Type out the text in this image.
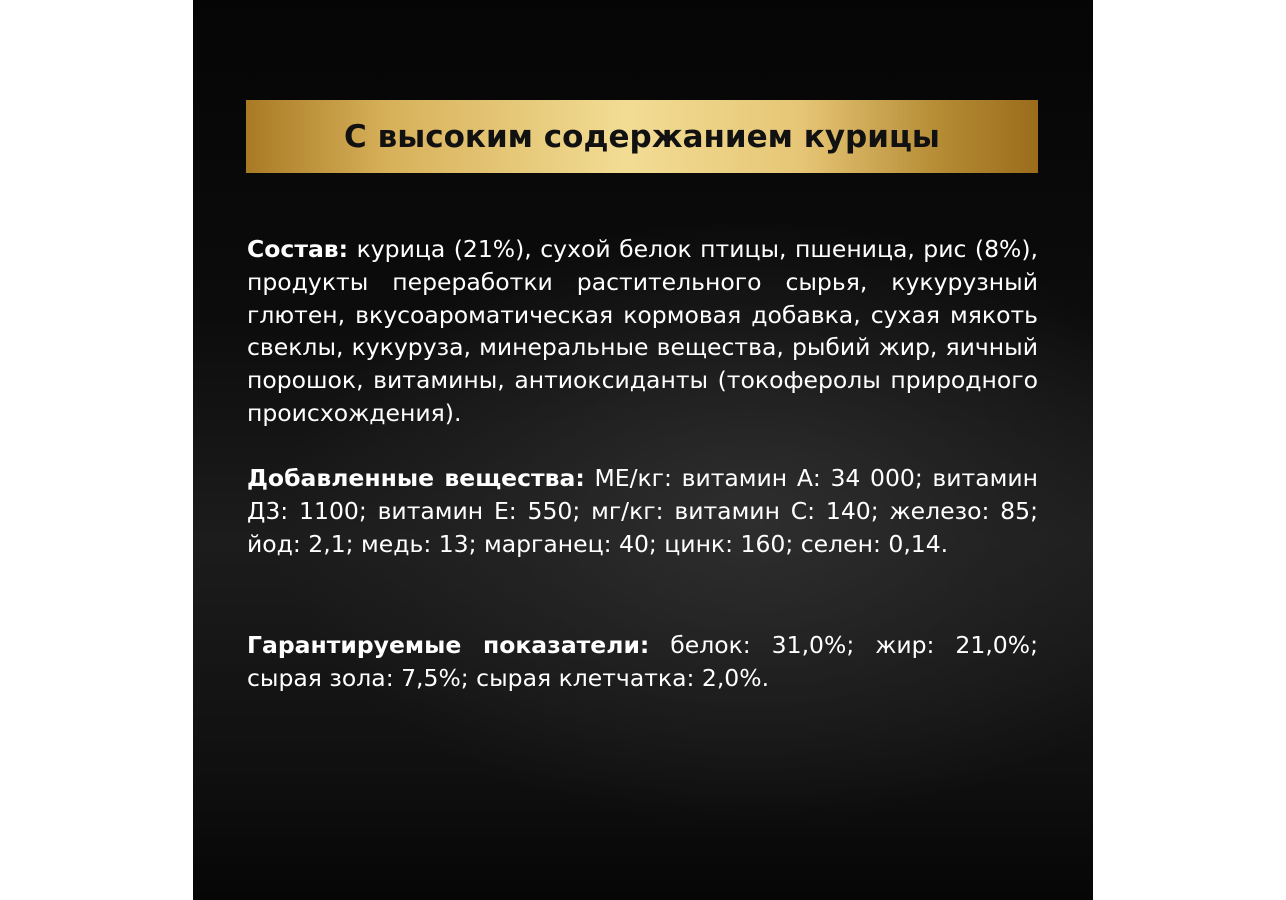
С высоким содержанием курицы
Состав: курица (21%), сухой белок птицы, пшеница, рис (8%), продукты переработки растительного сырья, кукурузный глютен, вкусоароматическая кормовая добавка, сухая мякоть свеклы, кукуруза, минеральные вещества, рыбий жир, яичный порошок, витамины, антиоксиданты (токоферолы природного происхождения).
Добавленные вещества: МЕ/кг: витамин А: 34 000; витамин Д3: 1100; витамин Е: 550; мг/кг: витамин С: 140; железо: 85; йод: 2,1; медь: 13; марганец: 40; цинк: 160; селен: 0,14.
Гарантируемые показатели: белок: 31,0%; жир: 21,0%; сырая зола: 7,5%; сырая клетчатка: 2,0%.
